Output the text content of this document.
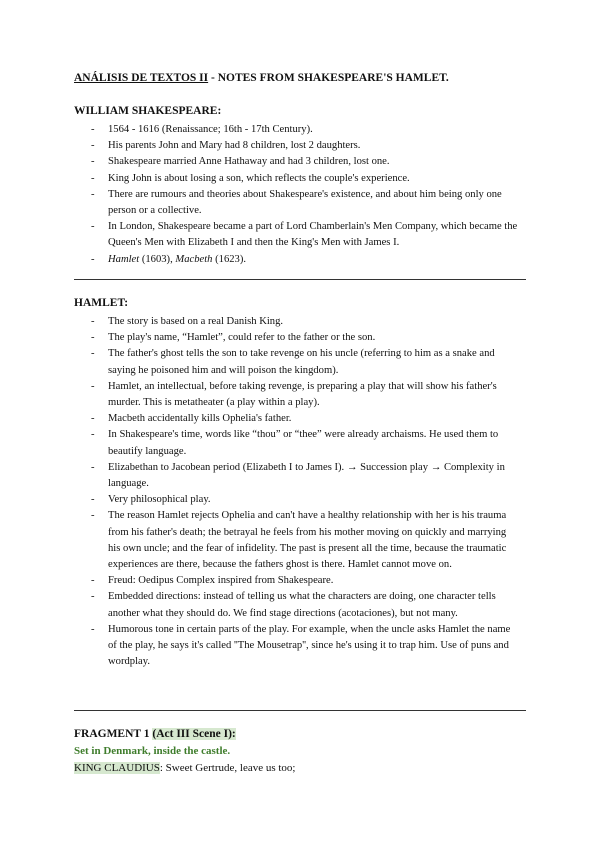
ANÁLISIS DE TEXTOS II - NOTES FROM SHAKESPEARE'S HAMLET.
WILLIAM SHAKESPEARE:
- 1564 - 1616 (Renaissance; 16th - 17th Century).
- His parents John and Mary had 8 children, lost 2 daughters.
- Shakespeare married Anne Hathaway and had 3 children, lost one.
- King John is about losing a son, which reflects the couple's experience.
- There are rumours and theories about Shakespeare's existence, and about him being only one person or a collective.
- In London, Shakespeare became a part of Lord Chamberlain's Men Company, which became the Queen's Men with Elizabeth I and then the King's Men with James I.
- Hamlet (1603), Macbeth (1623).
HAMLET:
- The story is based on a real Danish King.
- The play's name, “Hamlet”, could refer to the father or the son.
- The father's ghost tells the son to take revenge on his uncle (referring to him as a snake and saying he poisoned him and will poison the kingdom).
- Hamlet, an intellectual, before taking revenge, is preparing a play that will show his father's murder. This is metatheater (a play within a play).
- Macbeth accidentally kills Ophelia's father.
- In Shakespeare's time, words like “thou” or “thee” were already archaisms. He used them to beautify language.
- Elizabethan to Jacobean period (Elizabeth I to James I). → Succession play → Complexity in language.
- Very philosophical play.
- The reason Hamlet rejects Ophelia and can't have a healthy relationship with her is his trauma from his father's death; the betrayal he feels from his mother moving on quickly and marrying his own uncle; and the fear of infidelity. The past is present all the time, because the traumatic experiences are there, because the fathers ghost is there. Hamlet cannot move on.
- Freud: Oedipus Complex inspired from Shakespeare.
- Embedded directions: instead of telling us what the characters are doing, one character tells another what they should do. We find stage directions (acotaciones), but not many.
- Humorous tone in certain parts of the play. For example, when the uncle asks Hamlet the name of the play, he says it's called ''The Mousetrap'', since he's using it to trap him. Use of puns and wordplay.
FRAGMENT 1 (Act III Scene I):
Set in Denmark, inside the castle.
KING CLAUDIUS: Sweet Gertrude, leave us too;
